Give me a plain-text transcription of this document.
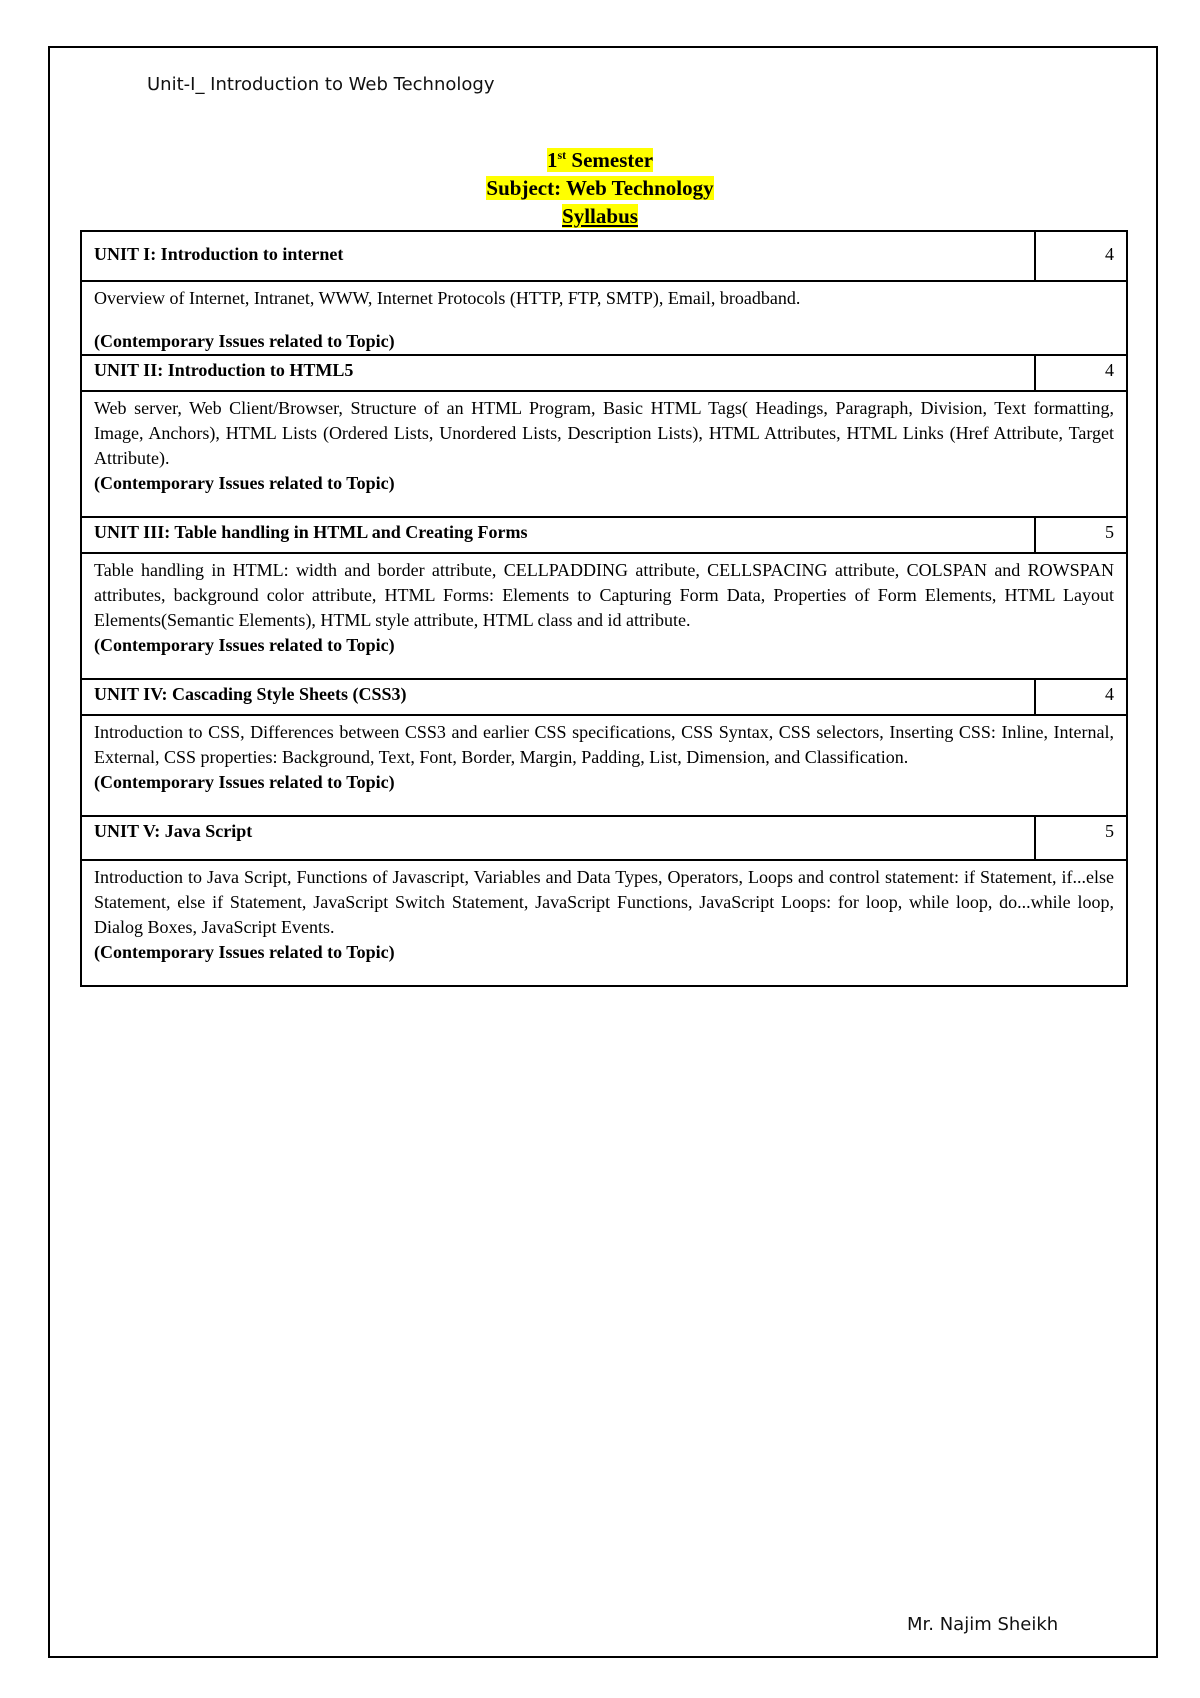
Unit-I_ Introduction to Web Technology
1st Semester
Subject: Web Technology
Syllabus
UNIT I: Introduction to internet	4

Overview of Internet, Intranet, WWW, Internet Protocols (HTTP, FTP, SMTP), Email, broadband.
(Contemporary Issues related to Topic)	

UNIT II: Introduction to HTML5	4

Web server, Web Client/Browser, Structure of an HTML Program, Basic HTML Tags( Headings, Paragraph, Division, Text formatting, Image, Anchors), HTML Lists (Ordered Lists, Unordered Lists, Description Lists), HTML Attributes, HTML Links (Href Attribute, Target Attribute).
(Contemporary Issues related to Topic)	

UNIT III: Table handling in HTML and Creating Forms	5

Table handling in HTML: width and border attribute, CELLPADDING attribute, CELLSPACING attribute, COLSPAN and ROWSPAN attributes, background color attribute, HTML Forms: Elements to Capturing Form Data, Properties of Form Elements, HTML Layout Elements(Semantic Elements), HTML style attribute, HTML class and id attribute.
(Contemporary Issues related to Topic)	

UNIT IV: Cascading Style Sheets (CSS3)	4

Introduction to CSS, Differences between CSS3 and earlier CSS specifications, CSS Syntax, CSS selectors, Inserting CSS: Inline, Internal, External, CSS properties: Background, Text, Font, Border, Margin, Padding, List, Dimension, and Classification.
(Contemporary Issues related to Topic)	

UNIT V: Java Script	5

Introduction to Java Script, Functions of Javascript, Variables and Data Types, Operators, Loops and control statement: if Statement, if...else Statement, else if Statement, JavaScript Switch Statement, JavaScript Functions, JavaScript Loops: for loop, while loop, do...while loop, Dialog Boxes, JavaScript Events.
(Contemporary Issues related to Topic)	
Mr. Najim Sheikh
